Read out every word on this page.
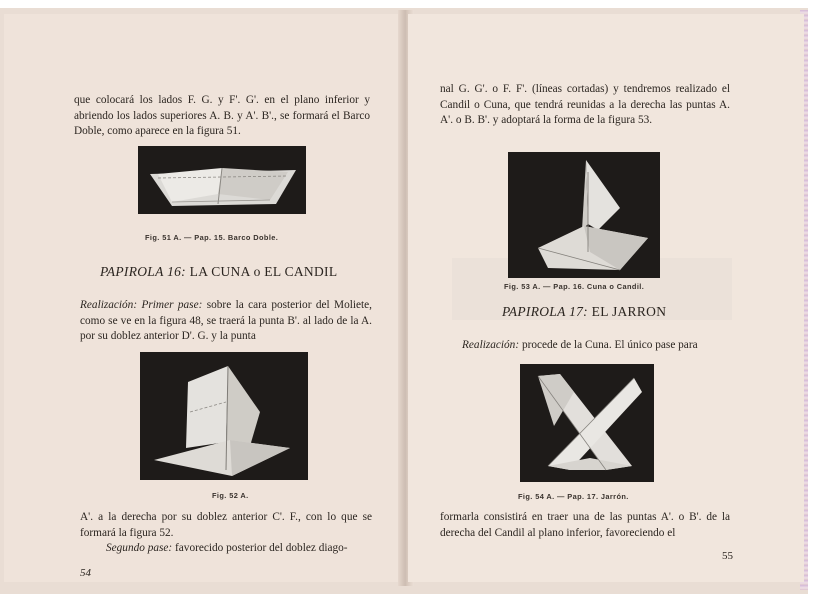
que colocará los lados F. G. y F'. G'. en el plano inferior y abriendo los lados superiores A. B. y A'. B'., se formará el Barco Doble, como aparece en la figura 51.

Fig. 51 A. — Pap. 15. Barco Doble.
PAPIROLA 16: LA CUNA o EL CANDIL

Realización: Primer pase: sobre la cara posterior del Moliete, como se ve en la figura 48, se traerá la punta B'. al lado de la A. por su doblez anterior D'. G. y la punta

Fig. 52 A.

A'. a la derecha por su doblez anterior C'. F., con lo que se formará la figura 52.

Segundo pase: favorecido posterior del doblez diago-

54

nal G. G'. o F. F'. (líneas cortadas) y tendremos realizado el Candil o Cuna, que tendrá reunidas a la derecha las puntas A. A'. o B. B'. y adoptará la forma de la figura 53.

Fig. 53 A. — Pap. 16. Cuna o Candil.
PAPIROLA 17: EL JARRON

Realización: procede de la Cuna. El único pase para

Fig. 54 A. — Pap. 17. Jarrón.

formarla consistirá en traer una de las puntas A'. o B'. de la derecha del Candil al plano inferior, favoreciendo el

55
